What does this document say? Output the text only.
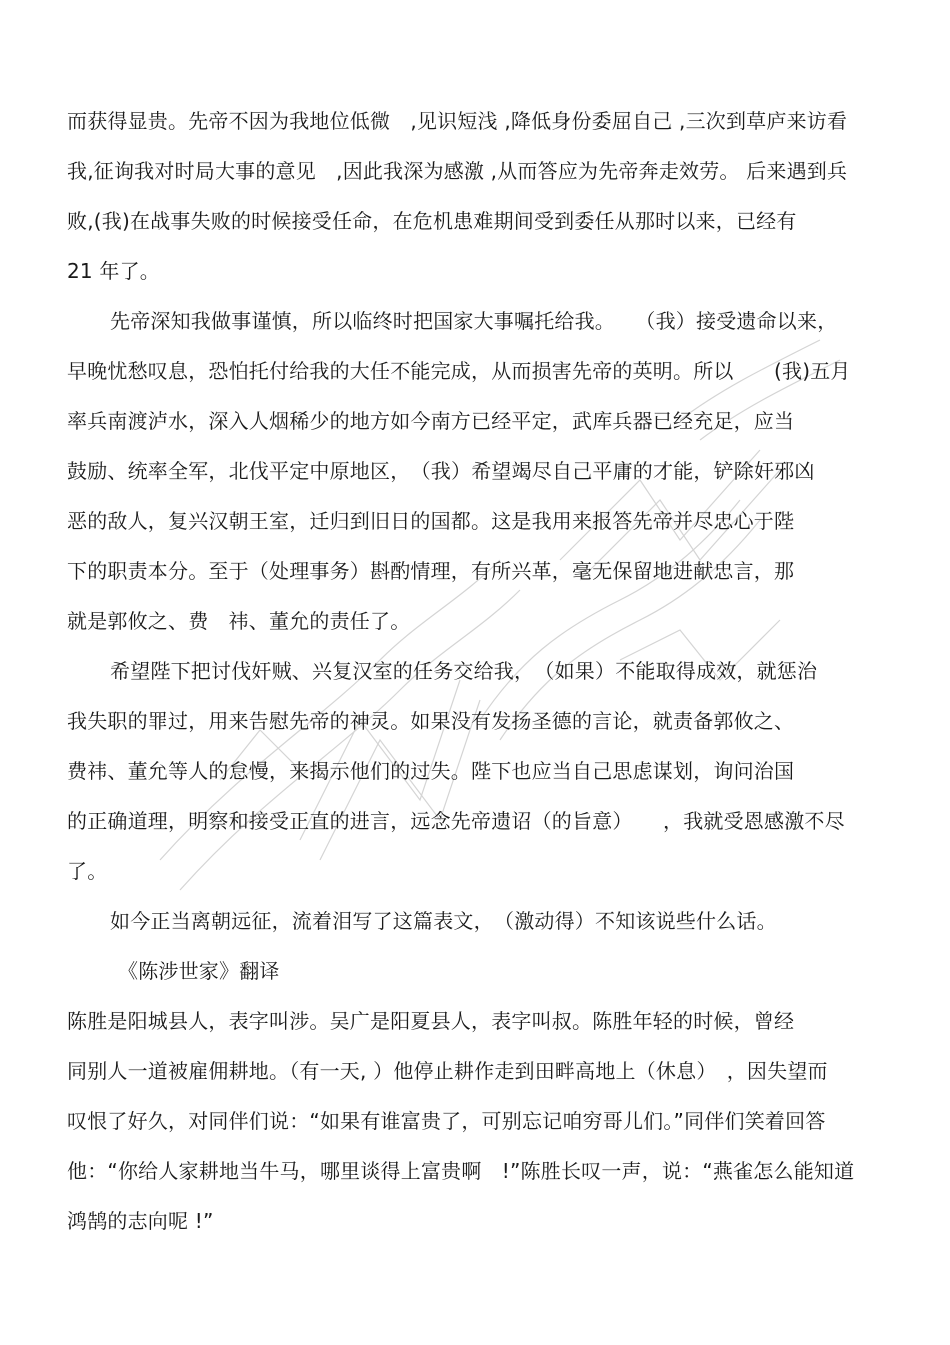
而获得显贵。先帝不因为我地位低微　,见识短浅 ,降低身份委屈自己 ,三次到草庐来访看
我,征询我对时局大事的意见　,因此我深为感激 ,从而答应为先帝奔走效劳。 后来遇到兵
败,(我)在战事失败的时候接受任命，在危机患难期间受到委任从那时以来，已经有
21 年了。
先帝深知我做事谨慎，所以临终时把国家大事嘱托给我。　　（我）接受遗命以来，
早晚忧愁叹息，恐怕托付给我的大任不能完成，从而损害先帝的英明。所以　　(我)五月
率兵南渡泸水，深入人烟稀少的地方如今南方已经平定，武库兵器已经充足，应当
鼓励、统率全军，北伐平定中原地区，　（我）希望竭尽自己平庸的才能，铲除奸邪凶
恶的敌人，复兴汉朝王室，迁归到旧日的国都。这是我用来报答先帝并尽忠心于陛
下的职责本分。至于（处理事务）斟酌情理，有所兴革，毫无保留地进献忠言，那
就是郭攸之、费　祎、董允的责任了。
希望陛下把讨伐奸贼、兴复汉室的任务交给我，　（如果）不能取得成效，就惩治
我失职的罪过，用来告慰先帝的神灵。如果没有发扬圣德的言论，就责备郭攸之、
费祎、董允等人的怠慢，来揭示他们的过失。陛下也应当自己思虑谋划，询问治国
的正确道理，明察和接受正直的进言，远念先帝遗诏（的旨意）　　，我就受恩感激不尽
了。
如今正当离朝远征，流着泪写了这篇表文，　（激动得）不知该说些什么话。
《陈涉世家》翻译
陈胜是阳城县人，表字叫涉。吴广是阳夏县人，表字叫叔。陈胜年轻的时候，曾经
同别人一道被雇佣耕地。（有一天, ）他停止耕作走到田畔高地上（休息）　，因失望而
叹恨了好久，对同伴们说：“如果有谁富贵了，可别忘记咱穷哥儿们。”同伴们笑着回答
他：“你给人家耕地当牛马，哪里谈得上富贵啊　!”陈胜长叹一声，说：“燕雀怎么能知道
鸿鹄的志向呢 !”
